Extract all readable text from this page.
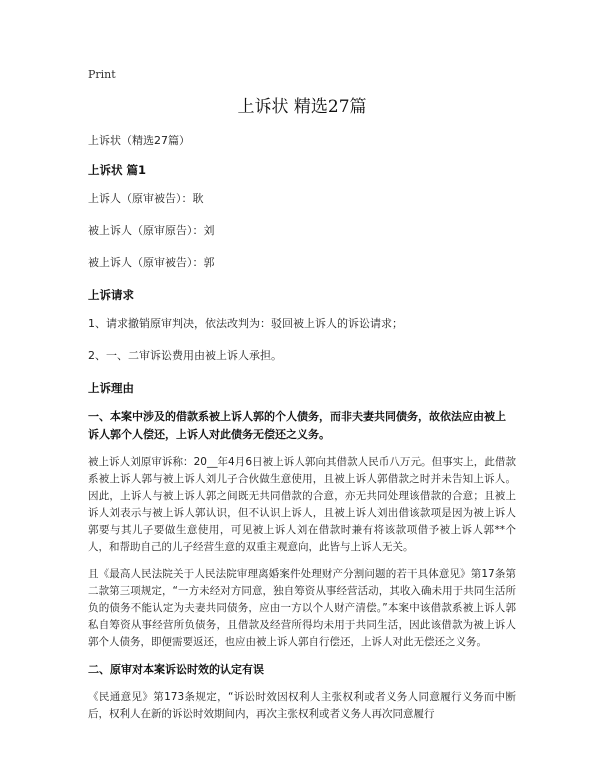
Print
上诉状 精选27篇
上诉状（精选27篇）
上诉状 篇1
上诉人（原审被告）：耿
被上诉人（原审原告）：刘
被上诉人（原审被告）：郭
上诉请求
1、请求撤销原审判决，依法改判为：驳回被上诉人的诉讼请求；
2、一、二审诉讼费用由被上诉人承担。
上诉理由
一、本案中涉及的借款系被上诉人郭的个人债务，而非夫妻共同债务，故依法应由被上诉人郭个人偿还，上诉人对此债务无偿还之义务。
被上诉人刘原审诉称：20__年4月6日被上诉人郭向其借款人民币八万元。但事实上，此借款系被上诉人郭与被上诉人刘儿子合伙做生意使用，且被上诉人郭借款之时并未告知上诉人。因此，上诉人与被上诉人郭之间既无共同借款的合意，亦无共同处理该借款的合意；且被上诉人刘表示与被上诉人郭认识，但不认识上诉人，且被上诉人刘出借该款项是因为被上诉人郭要与其儿子要做生意使用，可见被上诉人刘在借款时兼有将该款项借予被上诉人郭**个人，和帮助自己的儿子经营生意的双重主观意向，此皆与上诉人无关。
且《最高人民法院关于人民法院审理离婚案件处理财产分割问题的若干具体意见》第17条第二款第三项规定，“一方未经对方同意，独自筹资从事经营活动，其收入确未用于共同生活所负的债务不能认定为夫妻共同债务，应由一方以个人财产清偿。”本案中该借款系被上诉人郭私自筹资从事经营所负债务，且借款及经营所得均未用于共同生活，因此该借款为被上诉人郭个人债务，即便需要返还，也应由被上诉人郭自行偿还，上诉人对此无偿还之义务。
二、原审对本案诉讼时效的认定有误
《民通意见》第173条规定，“诉讼时效因权利人主张权利或者义务人同意履行义务而中断后，权利人在新的诉讼时效期间内，再次主张权利或者义务人再次同意履行
